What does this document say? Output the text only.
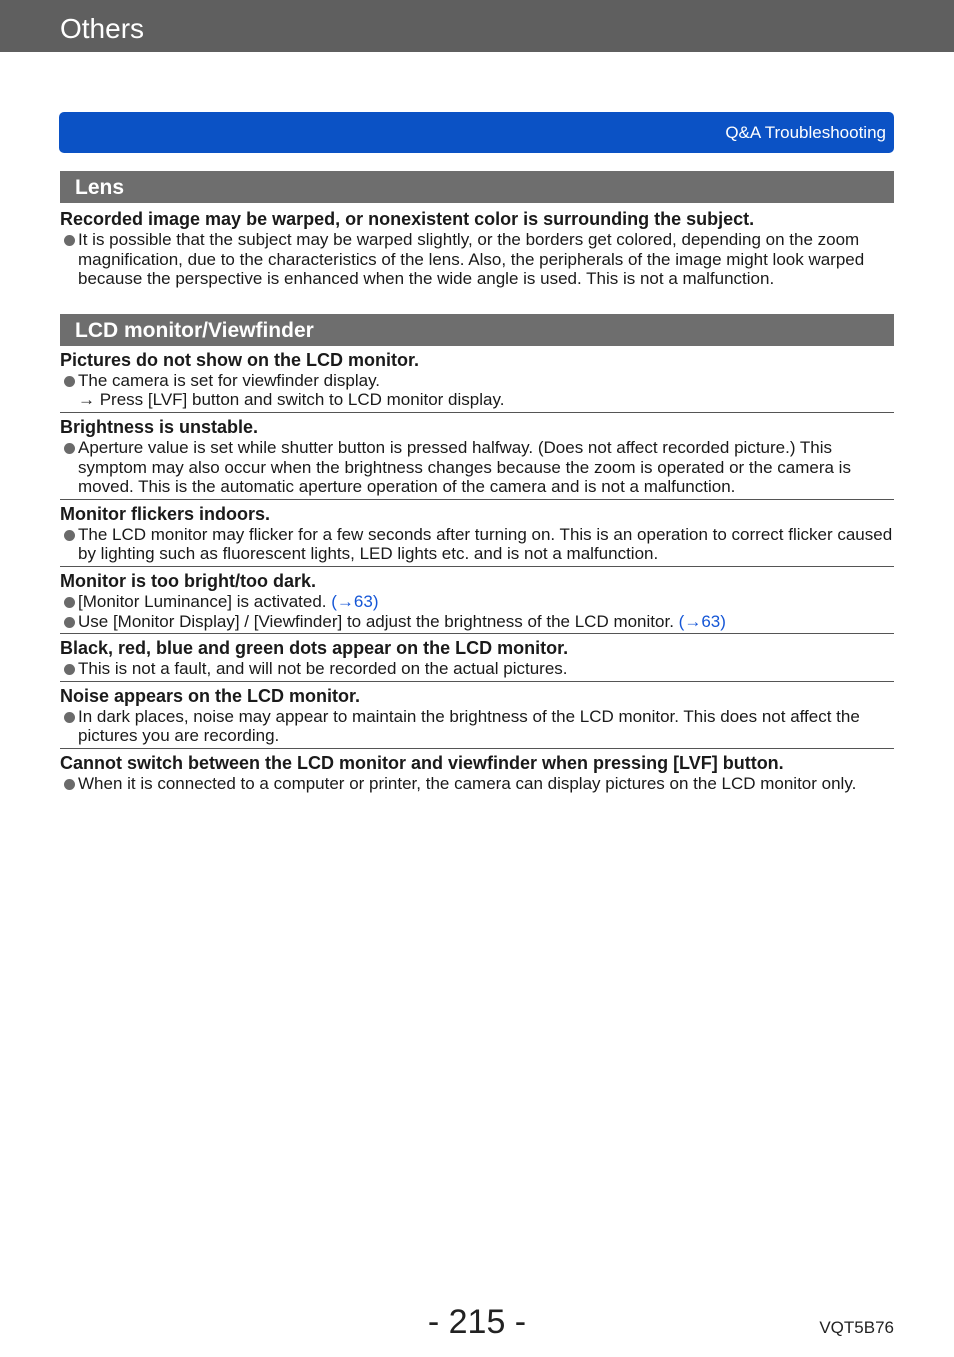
Others
Q&A Troubleshooting
Lens
Recorded image may be warped, or nonexistent color is surrounding the subject.
It is possible that the subject may be warped slightly, or the borders get colored, depending on the zoom magnification, due to the characteristics of the lens. Also, the peripherals of the image might look warped because the perspective is enhanced when the wide angle is used. This is not a malfunction.
LCD monitor/Viewfinder
Pictures do not show on the LCD monitor.
The camera is set for viewfinder display.
→ Press [LVF] button and switch to LCD monitor display.
Brightness is unstable.
Aperture value is set while shutter button is pressed halfway. (Does not affect recorded picture.) This symptom may also occur when the brightness changes because the zoom is operated or the camera is moved. This is the automatic aperture operation of the camera and is not a malfunction.
Monitor flickers indoors.
The LCD monitor may flicker for a few seconds after turning on. This is an operation to correct flicker caused by lighting such as fluorescent lights, LED lights etc. and is not a malfunction.
Monitor is too bright/too dark.
[Monitor Luminance] is activated. (→63)
Use [Monitor Display] / [Viewfinder] to adjust the brightness of the LCD monitor. (→63)
Black, red, blue and green dots appear on the LCD monitor.
This is not a fault, and will not be recorded on the actual pictures.
Noise appears on the LCD monitor.
In dark places, noise may appear to maintain the brightness of the LCD monitor. This does not affect the pictures you are recording.
Cannot switch between the LCD monitor and viewfinder when pressing [LVF] button.
When it is connected to a computer or printer, the camera can display pictures on the LCD monitor only.
- 215 -	VQT5B76
